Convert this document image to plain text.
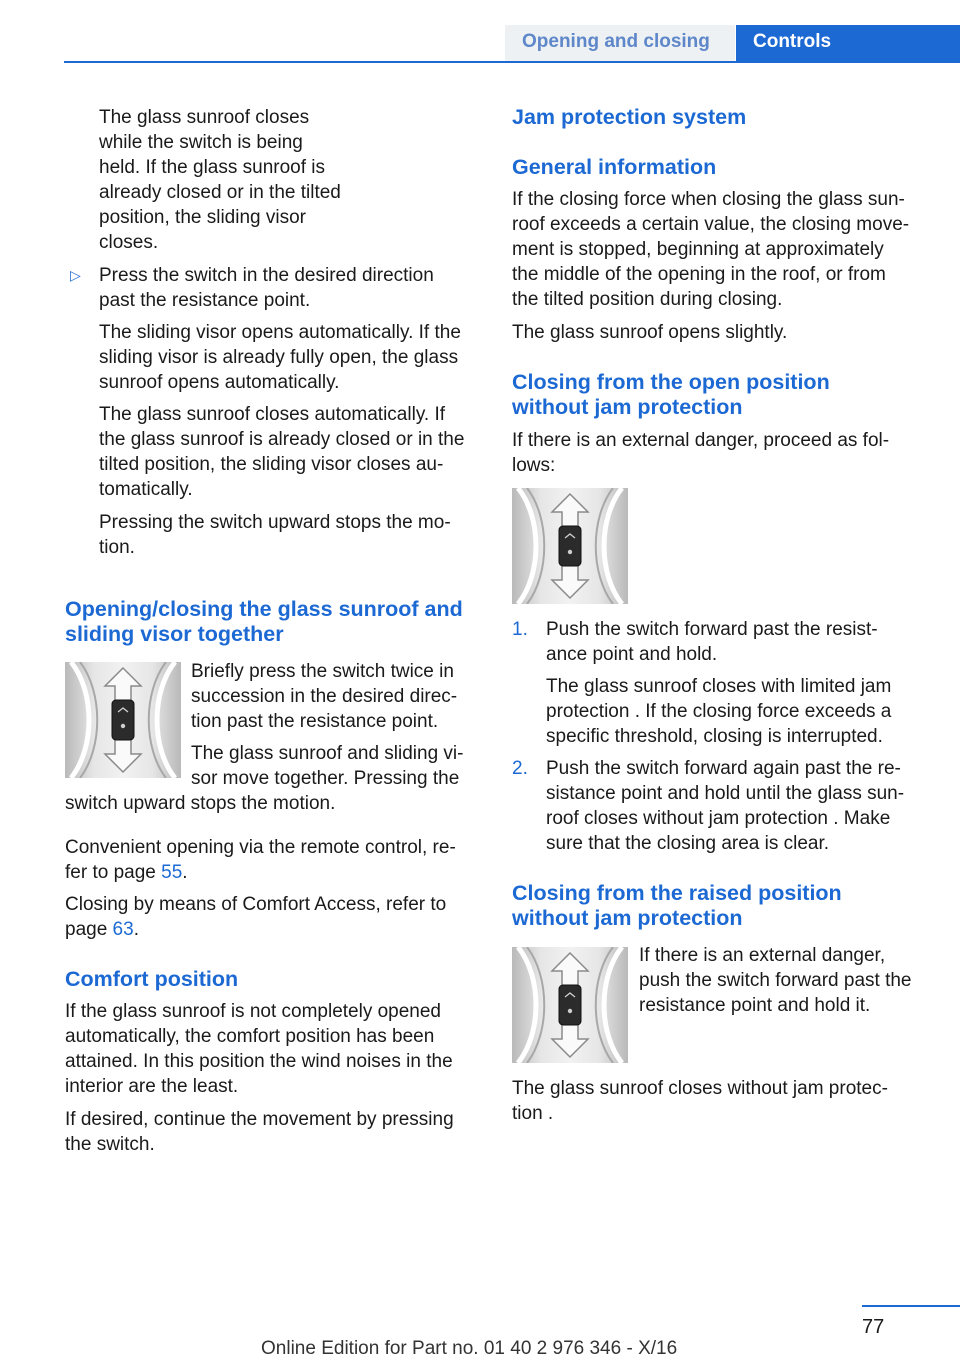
Opening and closing Controls

The glass sunroof closes
while the switch is being
held. If the glass sunroof is
already closed or in the tilted
position, the sliding visor
closes.

▷ Press the switch in the desired direction
past the resistance point.

The sliding visor opens automatically. If the
sliding visor is already fully open, the glass
sunroof opens automatically.

The glass sunroof closes automatically. If
the glass sunroof is already closed or in the
tilted position, the sliding visor closes au‐
tomatically.

Pressing the switch upward stops the mo‐
tion.

Opening/closing the glass sunroof and
sliding visor together

Briefly press the switch twice in
succession in the desired direc‐
tion past the resistance point.

The glass sunroof and sliding vi‐
sor move together. Pressing the

switch upward stops the motion.

Convenient opening via the remote control, re‐
fer to page 55.

Closing by means of Comfort Access, refer to
page 63.

Comfort position

If the glass sunroof is not completely opened
automatically, the comfort position has been
attained. In this position the wind noises in the
interior are the least.

If desired, continue the movement by pressing
the switch.

Jam protection system

General information

If the closing force when closing the glass sun‐
roof exceeds a certain value, the closing move‐
ment is stopped, beginning at approximately
the middle of the opening in the roof, or from
the tilted position during closing.

The glass sunroof opens slightly.

Closing from the open position
without jam protection

If there is an external danger, proceed as fol‐
lows:

1. Push the switch forward past the resist‐
ance point and hold.

The glass sunroof closes with limited jam
protection . If the closing force exceeds a
specific threshold, closing is interrupted.

2. Push the switch forward again past the re‐
sistance point and hold until the glass sun‐
roof closes without jam protection . Make
sure that the closing area is clear.

Closing from the raised position
without jam protection

If there is an external danger,
push the switch forward past the
resistance point and hold it.

The glass sunroof closes without jam protec‐
tion .

77
Online Edition for Part no. 01 40 2 976 346 - X/16
